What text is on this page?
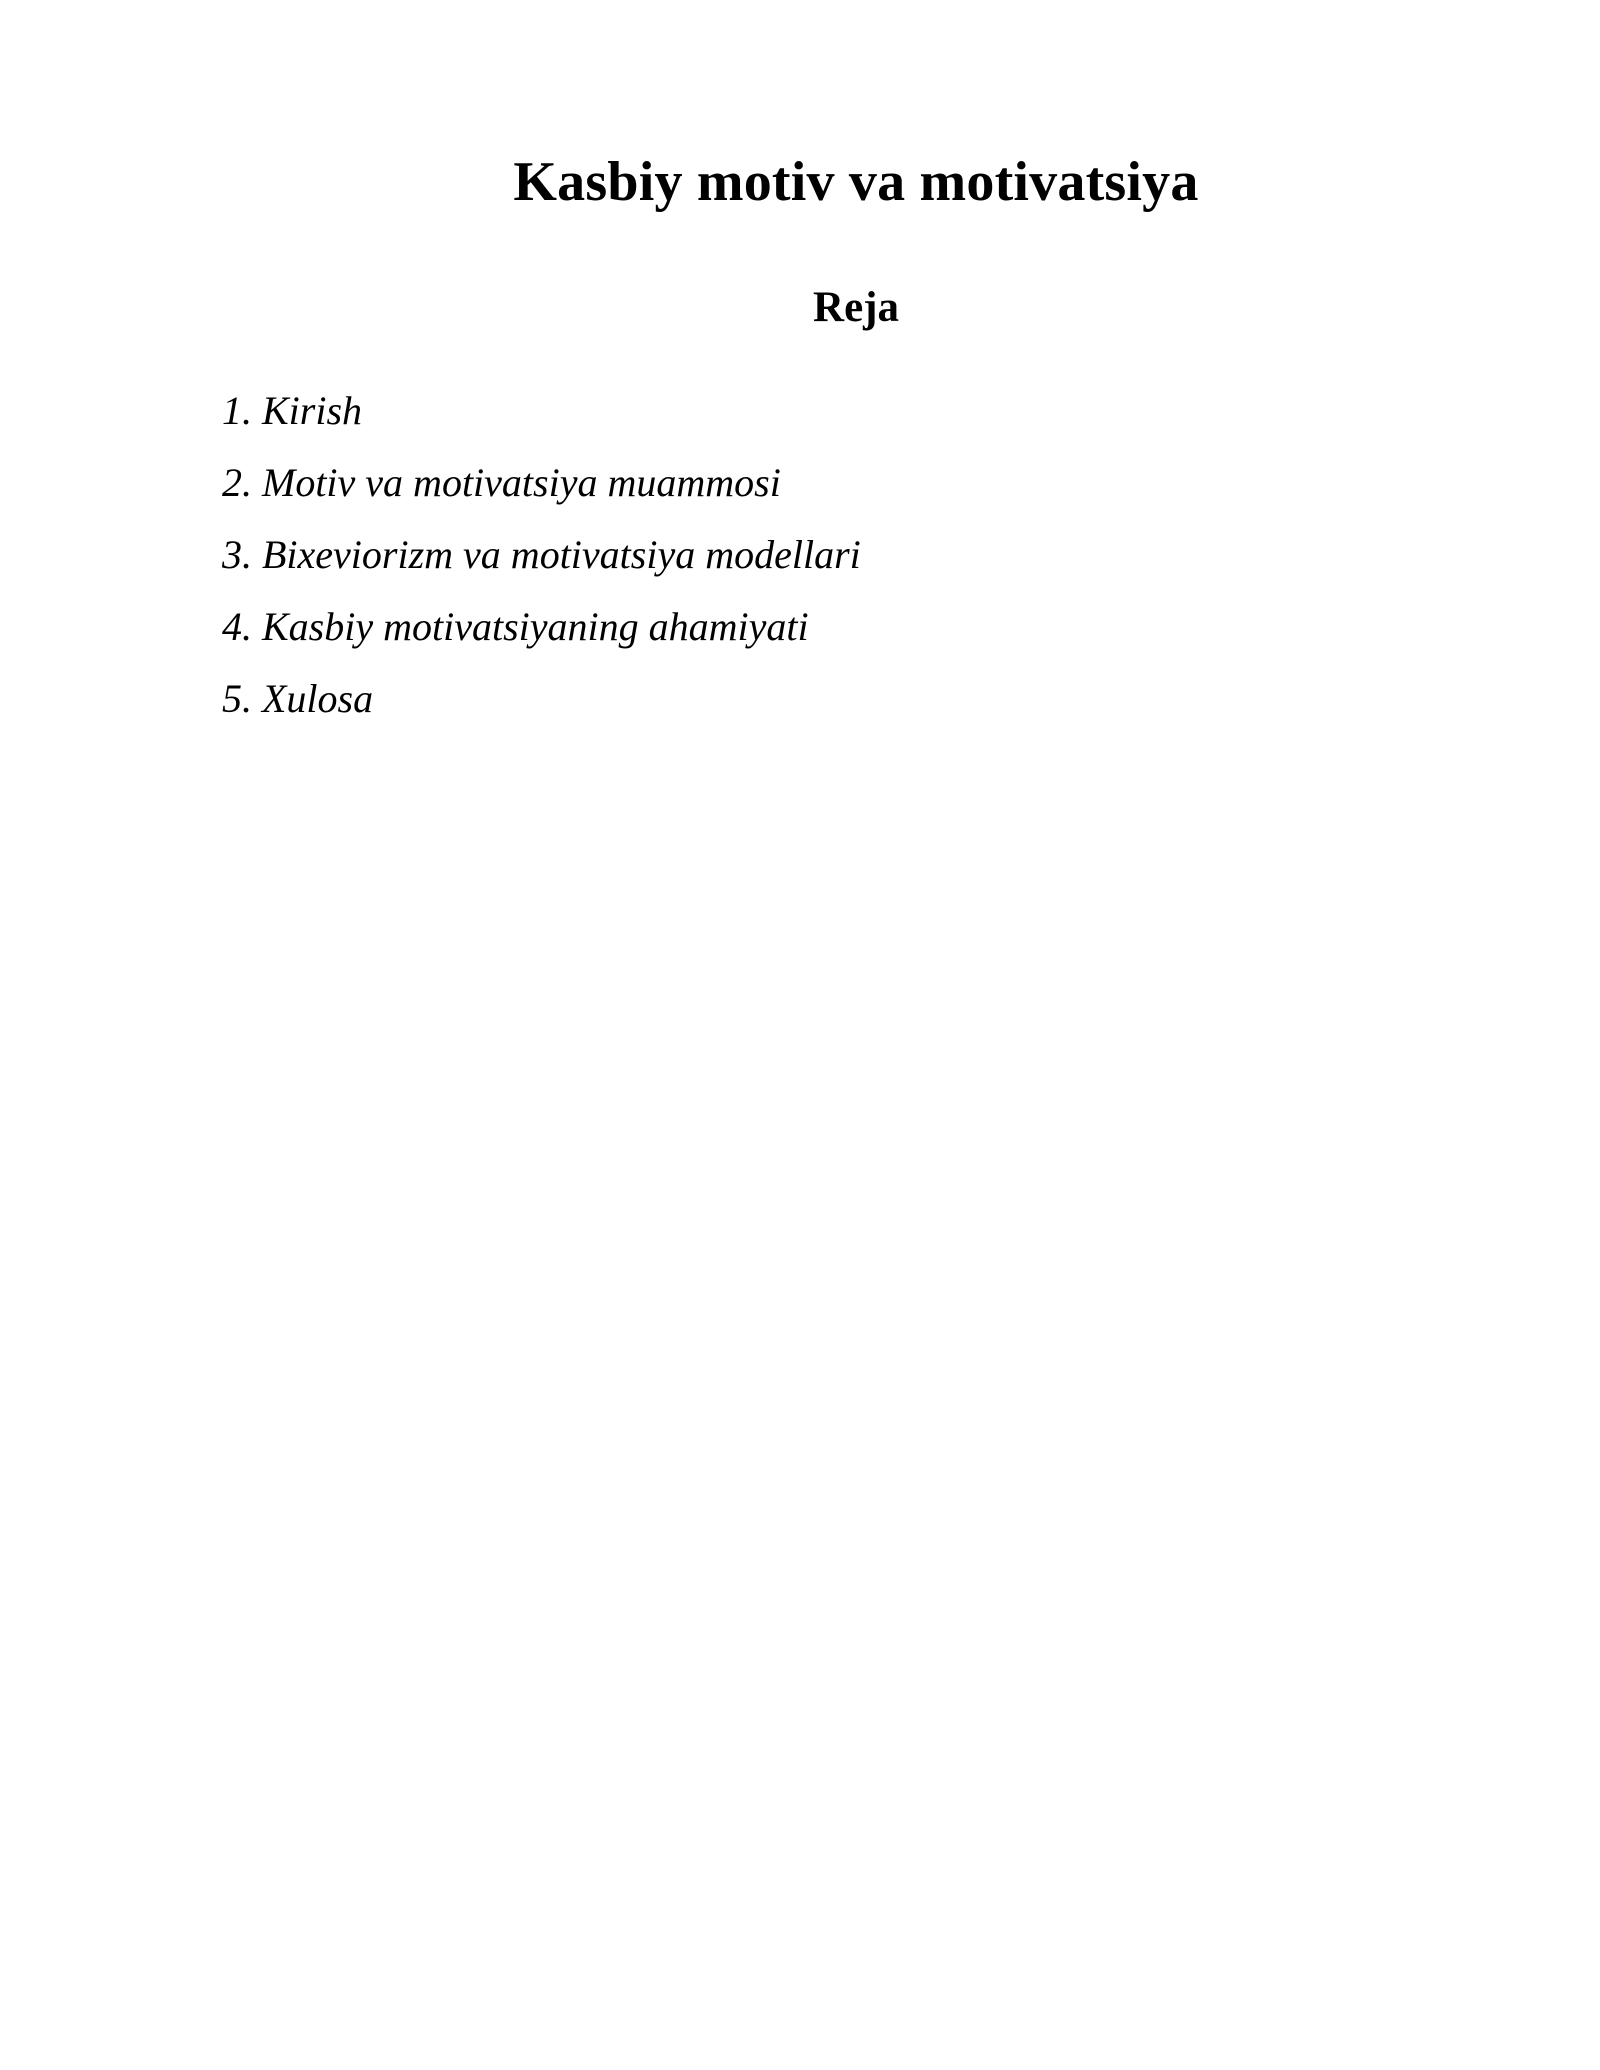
Kasbiy motiv va motivatsiya
Reja
1. Kirish
2. Motiv va motivatsiya muammosi
3. Bixeviorizm va motivatsiya modellari
4. Kasbiy motivatsiyaning ahamiyati
5. Xulosa
